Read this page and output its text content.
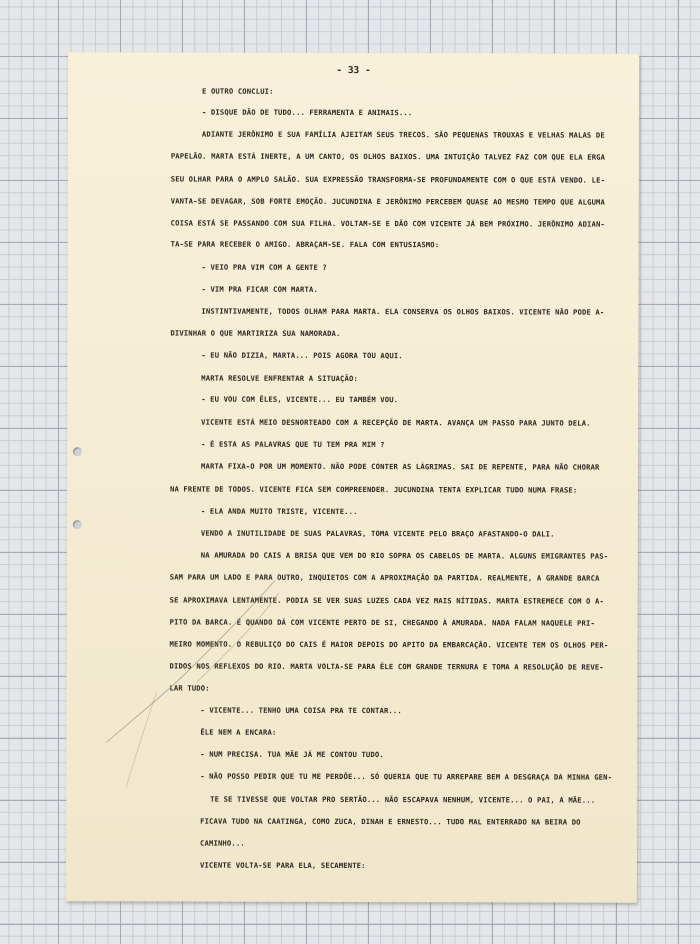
- 33 -
E OUTRO CONCLUI:
- DISQUE DÃO DE TUDO... FERRAMENTA E ANIMAIS...
ADIANTE JERÔNIMO E SUA FAMÍLIA AJEITAM SEUS TRECOS. SÃO PEQUENAS TROUXAS E VELHAS MALAS DE
PAPELÃO. MARTA ESTÁ INERTE, A UM CANTO, OS OLHOS BAIXOS. UMA INTUIÇÃO TALVEZ FAZ COM QUE ELA ERGA
SEU OLHAR PARA O AMPLO SALÃO. SUA EXPRESSÃO TRANSFORMA-SE PROFUNDAMENTE COM O QUE ESTÁ VENDO. LE-
VANTA-SE DEVAGAR, SOB FORTE EMOÇÃO. JUCUNDINA E JERÔNIMO PERCEBEM QUASE AO MESMO TEMPO QUE ALGUMA
COISA ESTÁ SE PASSANDO COM SUA FILHA. VOLTAM-SE E DÃO COM VICENTE JÁ BEM PRÓXIMO. JERÔNIMO ADIAN-
TA-SE PARA RECEBER O AMIGO. ABRAÇAM-SE. FALA COM ENTUSIASMO:
- VEIO PRA VIM COM A GENTE ?
- VIM PRA FICAR COM MARTA.
INSTINTIVAMENTE, TODOS OLHAM PARA MARTA. ELA CONSERVA OS OLHOS BAIXOS. VICENTE NÃO PODE A-
DIVINHAR O QUE MARTIRIZA SUA NAMORADA.
- EU NÃO DIZIA, MARTA... POIS AGORA TOU AQUI.
MARTA RESOLVE ENFRENTAR A SITUAÇÃO:
- EU VOU COM ÊLES, VICENTE... EU TAMBÉM VOU.
VICENTE ESTÁ MEIO DESNORTEADO COM A RECEPÇÃO DE MARTA. AVANÇA UM PASSO PARA JUNTO DELA.
- É ESTA AS PALAVRAS QUE TU TEM PRA MIM ?
MARTA FIXA-O POR UM MOMENTO. NÃO PODE CONTER AS LÁGRIMAS. SAI DE REPENTE, PARA NÃO CHORAR
NA FRENTE DE TODOS. VICENTE FICA SEM COMPREENDER. JUCUNDINA TENTA EXPLICAR TUDO NUMA FRASE:
- ELA ANDA MUITO TRISTE, VICENTE...
VENDO A INUTILIDADE DE SUAS PALAVRAS, TOMA VICENTE PELO BRAÇO AFASTANDO-O DALI.
NA AMURADA DO CAIS A BRISA QUE VEM DO RIO SOPRA OS CABELOS DE MARTA. ALGUNS EMIGRANTES PAS-
SAM PARA UM LADO E PARA OUTRO, INQUIETOS COM A APROXIMAÇÃO DA PARTIDA. REALMENTE, A GRANDE BARCA
SE APROXIMAVA LENTAMENTE. PODIA SE VER SUAS LUZES CADA VEZ MAIS NÍTIDAS. MARTA ESTREMECE COM O A-
PITO DA BARCA. É QUANDO DÁ COM VICENTE PERTO DE SI, CHEGANDO À AMURADA. NADA FALAM NAQUELE PRI-
MEIRO MOMENTO. O REBULIÇO DO CAIS É MAIOR DEPOIS DO APITO DA EMBARCAÇÃO. VICENTE TEM OS OLHOS PER-
DIDOS NOS REFLEXOS DO RIO. MARTA VOLTA-SE PARA ÊLE COM GRANDE TERNURA E TOMA A RESOLUÇÃO DE REVE-
LAR TUDO:
- VICENTE... TENHO UMA COISA PRA TE CONTAR...
ÊLE NEM A ENCARA:
- NUM PRECISA. TUA MÃE JÁ ME CONTOU TUDO.
- NÃO POSSO PEDIR QUE TU ME PERDÔE... SÓ QUERIA QUE TU ARREPARE BEM A DESGRAÇA DA MINHA GEN-
TE SE TIVESSE QUE VOLTAR PRO SERTÃO... NÃO ESCAPAVA NENHUM, VICENTE... O PAI, A MÃE...
FICAVA TUDO NA CAATINGA, COMO ZUCA, DINAH E ERNESTO... TUDO MAL ENTERRADO NA BEIRA DO
CAMINHO...
VICENTE VOLTA-SE PARA ELA, SECAMENTE:
